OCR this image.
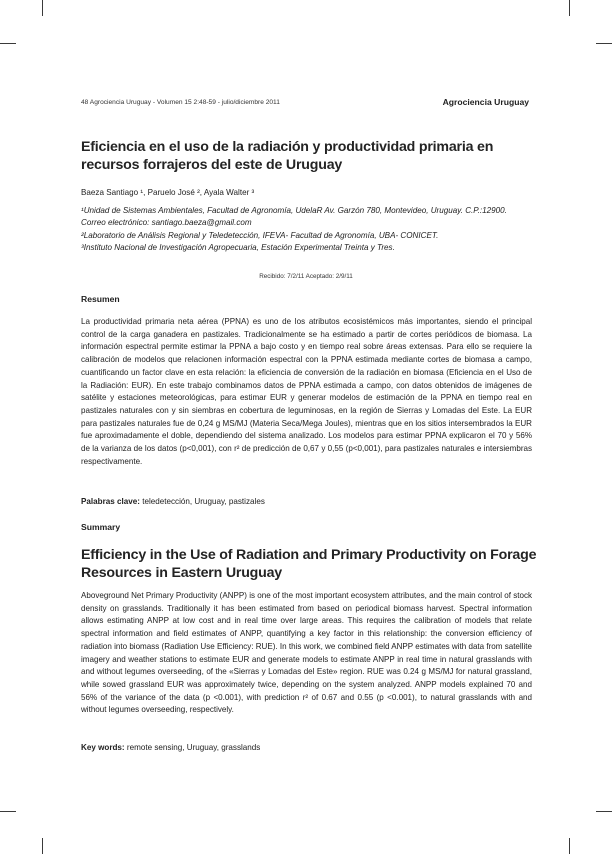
48 Agrociencia Uruguay - Volumen 15 2:48-59 - julio/diciembre 2011	Agrociencia Uruguay
Eficiencia en el uso de la radiación y productividad primaria en recursos forrajeros del este de Uruguay
Baeza Santiago ¹, Paruelo José ², Ayala Walter ³

¹Unidad de Sistemas Ambientales, Facultad de Agronomía, UdelaR Av. Garzón 780, Montevideo, Uruguay. C.P.:12900. Correo electrónico: santiago.baeza@gmail.com

²Laboratorio de Análisis Regional y Teledetección, IFEVA- Facultad de Agronomía, UBA- CONICET.

³Instituto Nacional de Investigación Agropecuaria, Estación Experimental Treinta y Tres.

Recibido: 7/2/11 Aceptado: 2/9/11
Resumen

La productividad primaria neta aérea (PPNA) es uno de los atributos ecosistémicos más importantes, siendo el principal control de la carga ganadera en pastizales. Tradicionalmente se ha estimado a partir de cortes periódicos de biomasa. La información espectral permite estimar la PPNA a bajo costo y en tiempo real sobre áreas extensas. Para ello se requiere la calibración de modelos que relacionen información espectral con la PPNA estimada mediante cortes de biomasa a campo, cuantificando un factor clave en esta relación: la eficiencia de conversión de la radiación en biomasa (Eficiencia en el Uso de la Radiación: EUR). En este trabajo combinamos datos de PPNA estimada a campo, con datos obtenidos de imágenes de satélite y estaciones meteorológicas, para estimar EUR y generar modelos de estimación de la PPNA en tiempo real en pastizales naturales con y sin siembras en cobertura de leguminosas, en la región de Sierras y Lomadas del Este. La EUR para pastizales naturales fue de 0,24 g MS/MJ (Materia Seca/Mega Joules), mientras que en los sitios intersembrados la EUR fue aproximadamente el doble, dependiendo del sistema analizado. Los modelos para estimar PPNA explicaron el 70 y 56% de la varianza de los datos (p<0,001), con r² de predicción de 0,67 y 0,55 (p<0,001), para pastizales naturales e intersiembras respectivamente.

Palabras clave: teledetección, Uruguay, pastizales
Summary
Efficiency in the Use of Radiation and Primary Productivity on Forage Resources in Eastern Uruguay

Aboveground Net Primary Productivity (ANPP) is one of the most important ecosystem attributes, and the main control of stock density on grasslands. Traditionally it has been estimated from based on periodical biomass harvest. Spectral information allows estimating ANPP at low cost and in real time over large areas. This requires the calibration of models that relate spectral information and field estimates of ANPP, quantifying a key factor in this relationship: the conversion efficiency of radiation into biomass (Radiation Use Efficiency: RUE). In this work, we combined field ANPP estimates with data from satellite imagery and weather stations to estimate EUR and generate models to estimate ANPP in real time in natural grasslands with and without legumes overseeding, of the «Sierras y Lomadas del Este» region. RUE was 0.24 g MS/MJ for natural grassland, while sowed grassland EUR was approximately twice, depending on the system analyzed. ANPP models explained 70 and 56% of the variance of the data (p <0.001), with prediction r² of 0.67 and 0.55 (p <0.001), to natural grasslands with and without legumes overseeding, respectively.

Key words: remote sensing, Uruguay, grasslands
